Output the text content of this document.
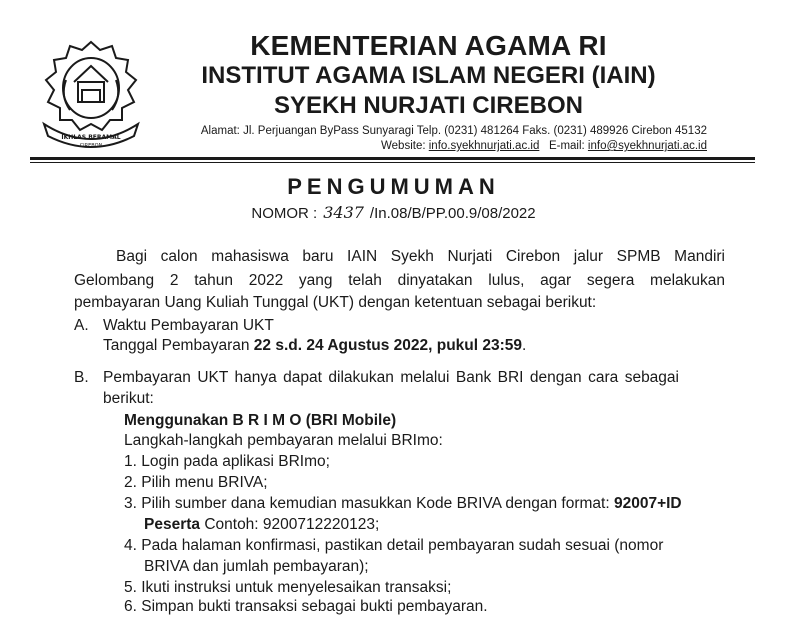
IKHLAS BERAMAL
CIREBON
KEMENTERIAN AGAMA RI
INSTITUT AGAMA ISLAM NEGERI (IAIN)
SYEKH NURJATI CIREBON
Alamat: Jl. Perjuangan ByPass Sunyaragi Telp. (0231) 481264 Faks. (0231) 489926 Cirebon 45132
Website: info.syekhnurjati.ac.id E-mail: info@syekhnurjati.ac.id
PENGUMUMAN
NOMOR : 3437 /In.08/B/PP.00.9/08/2022
Bagi calon mahasiswa baru IAIN Syekh Nurjati Cirebon jalur SPMB Mandiri
Gelombang 2 tahun 2022 yang telah dinyatakan lulus, agar segera melakukan
pembayaran Uang Kuliah Tunggal (UKT) dengan ketentuan sebagai berikut:
A. Waktu Pembayaran UKT
Tanggal Pembayaran 22 s.d. 24 Agustus 2022, pukul 23:59.
B. Pembayaran UKT hanya dapat dilakukan melalui Bank BRI dengan cara sebagai
berikut:
Menggunakan B R I M O (BRI Mobile)
Langkah-langkah pembayaran melalui BRImo:
1. Login pada aplikasi BRImo;
2. Pilih menu BRIVA;
3. Pilih sumber dana kemudian masukkan Kode BRIVA dengan format: 92007+ID
Peserta Contoh: 9200712220123;
4. Pada halaman konfirmasi, pastikan detail pembayaran sudah sesuai (nomor
BRIVA dan jumlah pembayaran);
5. Ikuti instruksi untuk menyelesaikan transaksi;
6. Simpan bukti transaksi sebagai bukti pembayaran.
